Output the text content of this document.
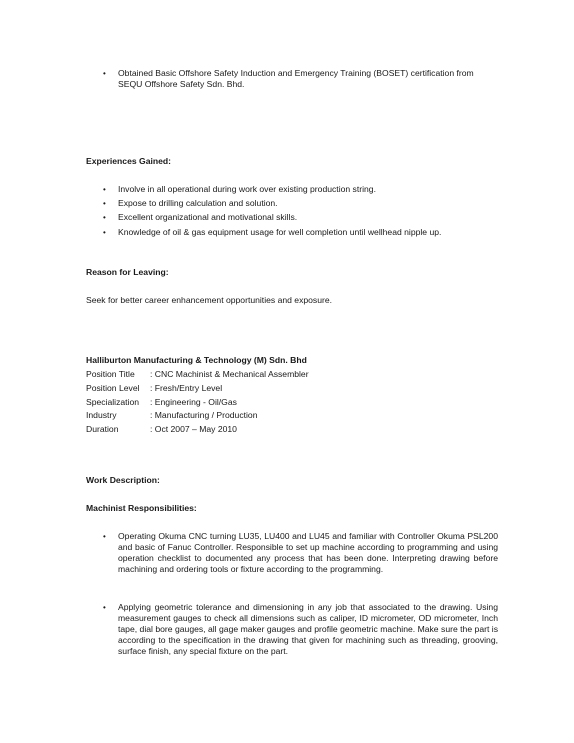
• Obtained Basic Offshore Safety Induction and Emergency Training (BOSET) certification from SEQU Offshore Safety Sdn. Bhd.
Experiences Gained:
• Involve in all operational during work over existing production string.
• Expose to drilling calculation and solution.
• Excellent organizational and motivational skills.
• Knowledge of oil & gas equipment usage for well completion until wellhead nipple up.
Reason for Leaving:
Seek for better career enhancement opportunities and exposure.
Halliburton Manufacturing & Technology (M) Sdn. Bhd
Position Title : CNC Machinist & Mechanical Assembler
Position Level : Fresh/Entry Level
Specialization : Engineering - Oil/Gas
Industry	: Manufacturing / Production
Duration	: Oct 2007 – May 2010
Work Description:
Machinist Responsibilities:
• Operating Okuma CNC turning LU35, LU400 and LU45 and familiar with Controller Okuma PSL200 and basic of Fanuc Controller. Responsible to set up machine according to programming and using operation checklist to documented any process that has been done. Interpreting drawing before machining and ordering tools or fixture according to the programming.
• Applying geometric tolerance and dimensioning in any job that associated to the drawing. Using measurement gauges to check all dimensions such as caliper, ID micrometer, OD micrometer, Inch tape, dial bore gauges, all gage maker gauges and profile geometric machine. Make sure the part is according to the specification in the drawing that given for machining such as threading, grooving, surface finish, any special fixture on the part.
